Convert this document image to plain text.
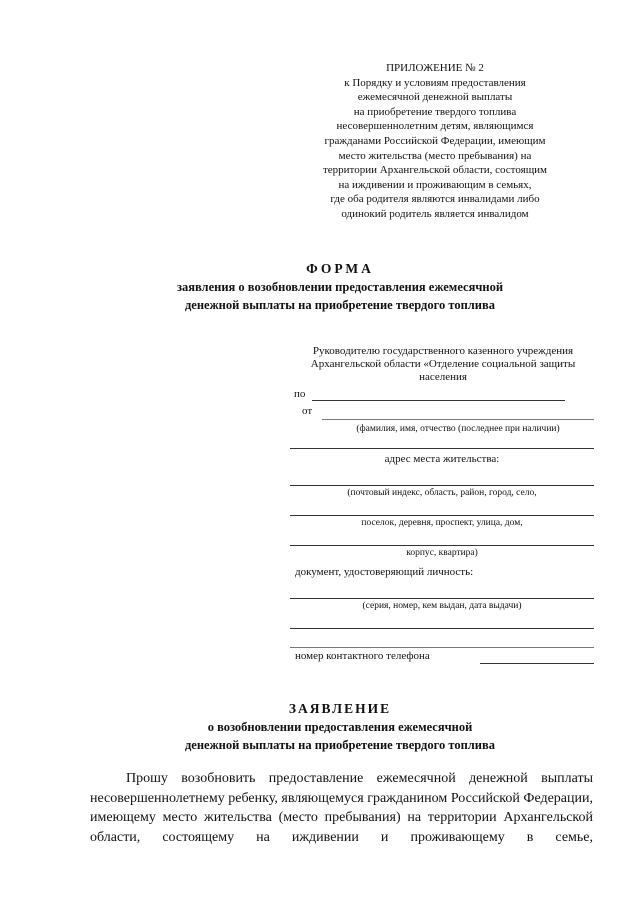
ПРИЛОЖЕНИЕ № 2
к Порядку и условиям предоставления
ежемесячной денежной выплаты
на приобретение твердого топлива
несовершеннолетним детям, являющимся
гражданами Российской Федерации, имеющим
место жительства (место пребывания) на
территории Архангельской области, состоящим
на иждивении и проживающим в семьях,
где оба родителя являются инвалидами либо
одинокий родитель является инвалидом
ФОРМА
заявления о возобновлении предоставления ежемесячной
денежной выплаты на приобретение твердого топлива
Руководителю государственного казенного учреждения
Архангельской области «Отделение социальной защиты
населения
по
от
(фамилия, имя, отчество (последнее при наличии)
адрес места жительства:
(почтовый индекс, область, район, город, село,
поселок, деревня, проспект, улица, дом,
корпус, квартира)
документ, удостоверяющий личность:
(серия, номер, кем выдан, дата выдачи)
номер контактного телефона
ЗАЯВЛЕНИЕ
о возобновлении предоставления ежемесячной
денежной выплаты на приобретение твердого топлива
Прошу возобновить предоставление ежемесячной денежной выплаты несовершеннолетнему ребенку, являющемуся гражданином Российской Федерации, имеющему место жительства (место пребывания) на территории Архангельской области, состоящему на иждивении и проживающему в семье,
